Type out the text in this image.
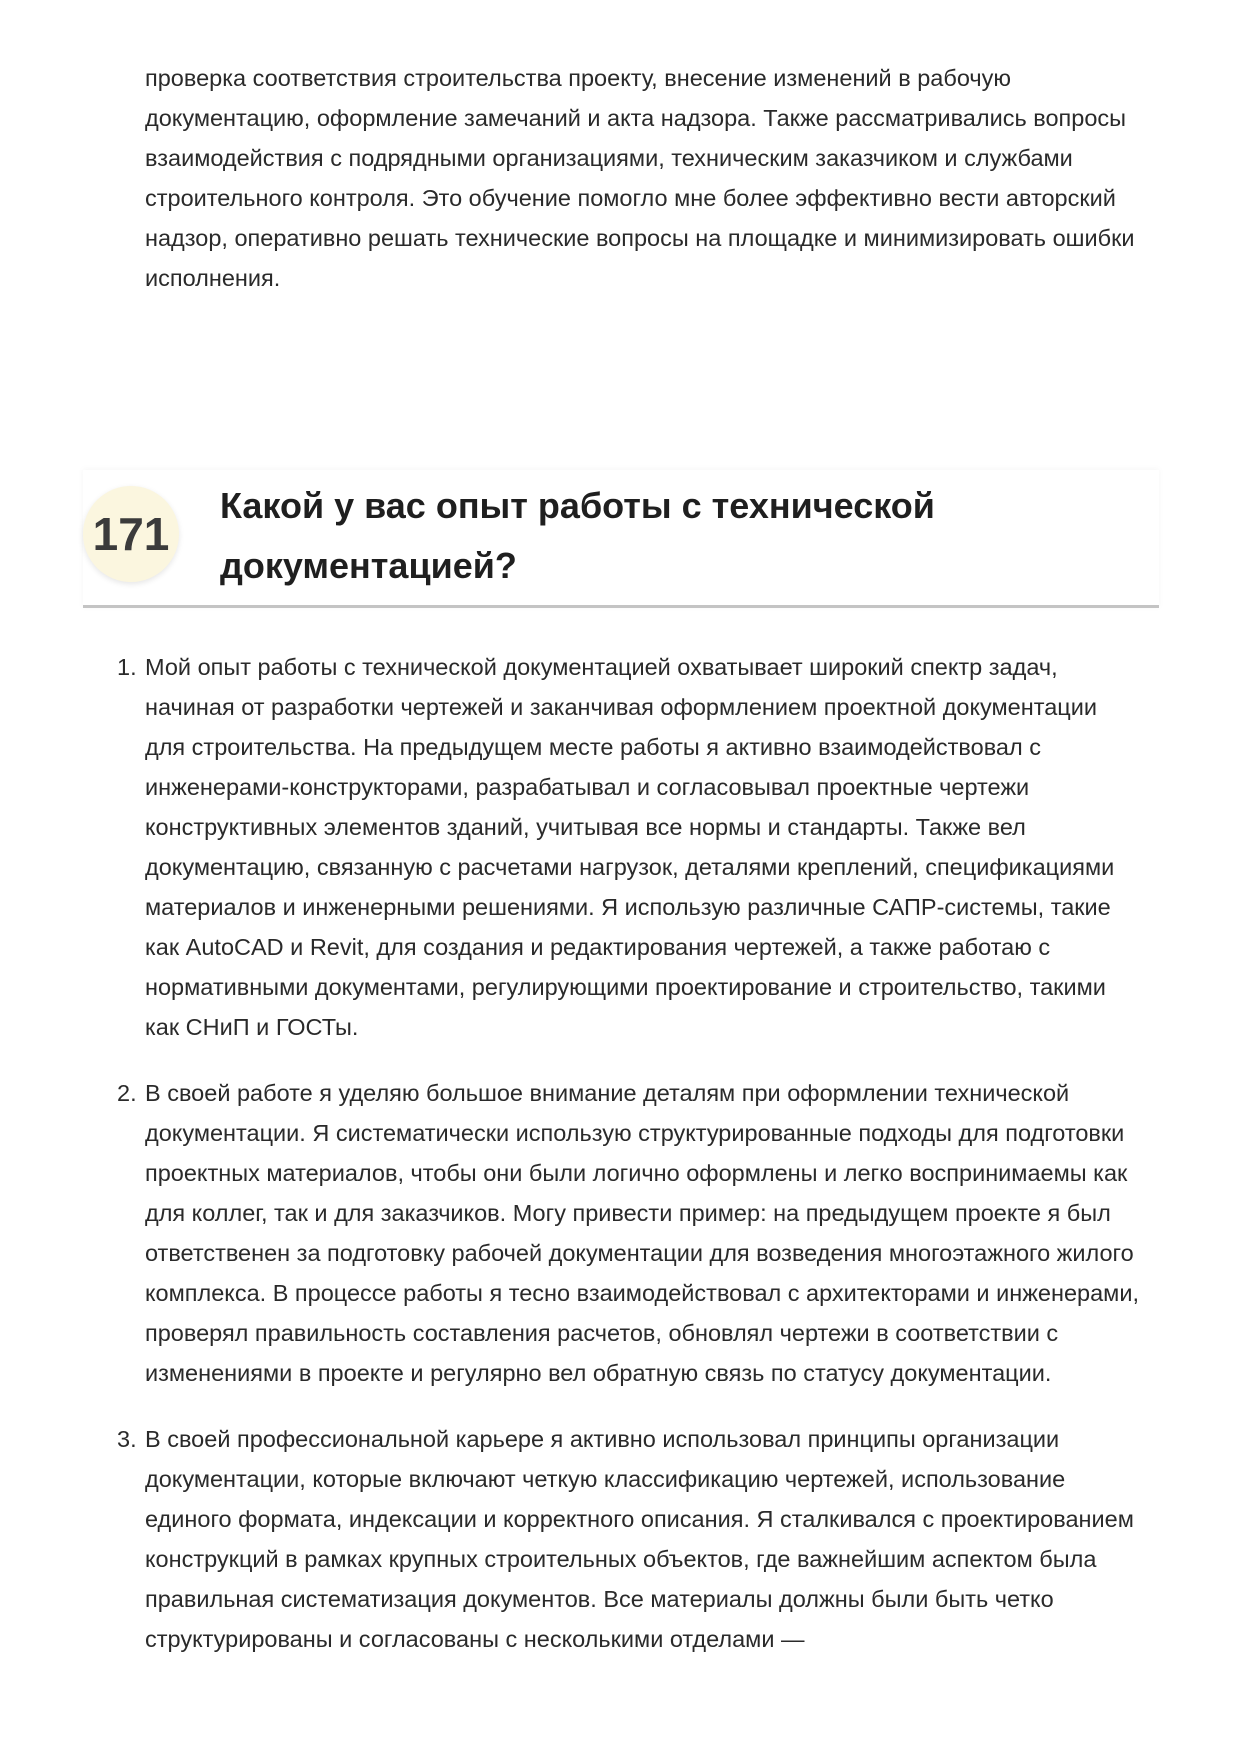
проверка соответствия строительства проекту, внесение изменений в рабочую документацию, оформление замечаний и акта надзора. Также рассматривались вопросы взаимодействия с подрядными организациями, техническим заказчиком и службами строительного контроля. Это обучение помогло мне более эффективно вести авторский надзор, оперативно решать технические вопросы на площадке и минимизировать ошибки исполнения.

171
Какой у вас опыт работы с технической документацией?
1. Мой опыт работы с технической документацией охватывает широкий спектр задач, начиная от разработки чертежей и заканчивая оформлением проектной документации для строительства. На предыдущем месте работы я активно взаимодействовал с инженерами-конструкторами, разрабатывал и согласовывал проектные чертежи конструктивных элементов зданий, учитывая все нормы и стандарты. Также вел документацию, связанную с расчетами нагрузок, деталями креплений, спецификациями материалов и инженерными решениями. Я использую различные САПР-системы, такие как AutoCAD и Revit, для создания и редактирования чертежей, а также работаю с нормативными документами, регулирующими проектирование и строительство, такими как СНиП и ГОСТы.
2. В своей работе я уделяю большое внимание деталям при оформлении технической документации. Я систематически использую структурированные подходы для подготовки проектных материалов, чтобы они были логично оформлены и легко воспринимаемы как для коллег, так и для заказчиков. Могу привести пример: на предыдущем проекте я был ответственен за подготовку рабочей документации для возведения многоэтажного жилого комплекса. В процессе работы я тесно взаимодействовал с архитекторами и инженерами, проверял правильность составления расчетов, обновлял чертежи в соответствии с изменениями в проекте и регулярно вел обратную связь по статусу документации.
3. В своей профессиональной карьере я активно использовал принципы организации документации, которые включают четкую классификацию чертежей, использование единого формата, индексации и корректного описания. Я сталкивался с проектированием конструкций в рамках крупных строительных объектов, где важнейшим аспектом была правильная систематизация документов. Все материалы должны были быть четко структурированы и согласованы с несколькими отделами —
